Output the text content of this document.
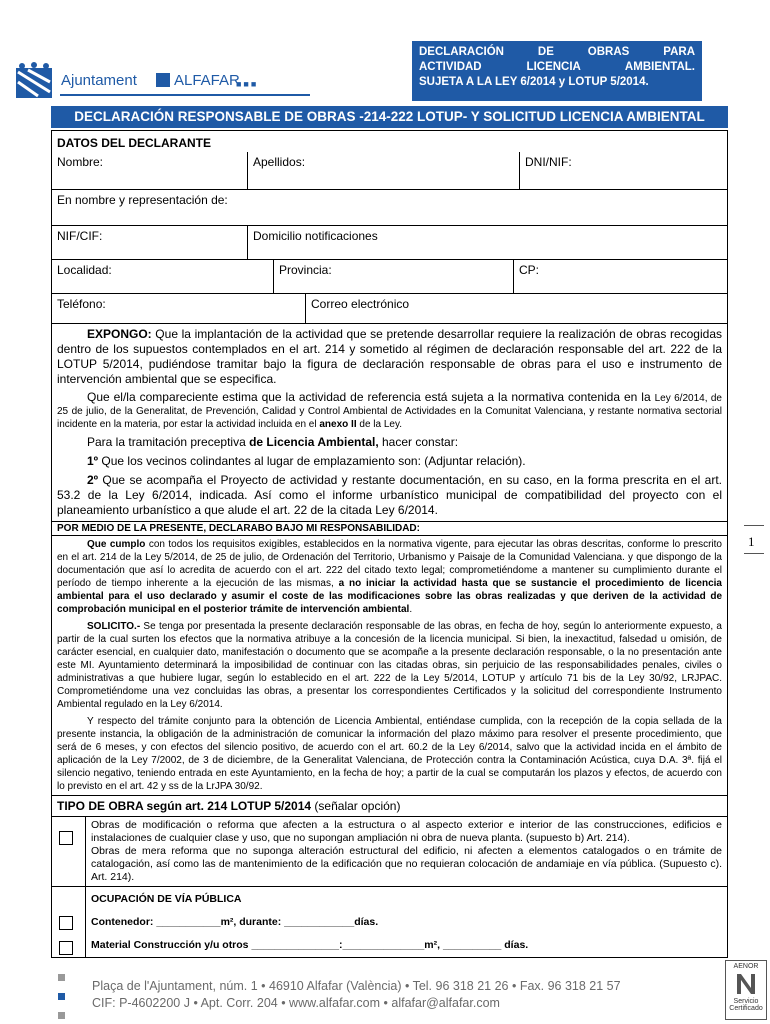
Ajuntament	ALFAFAR
■■■
DECLARACIÓN DE OBRAS PARA
ACTIVIDAD LICENCIA AMBIENTAL.
SUJETA A LA LEY 6/2014 y LOTUP 5/2014.
DECLARACIÓN RESPONSABLE DE OBRAS -214-222 LOTUP- Y SOLICITUD LICENCIA AMBIENTAL
DATOS DEL DECLARANTE
Nombre:	Apellidos:	DNI/NIF:
En nombre y representación de:
NIF/CIF:	Domicilio notificaciones
Localidad:	Provincia:	CP:
Teléfono:	Correo electrónico

EXPONGO: Que la implantación de la actividad que se pretende desarrollar requiere la realización de obras recogidas dentro de los supuestos contemplados en el art. 214 y sometido al régimen de declaración responsable del art. 222 de la LOTUP 5/2014, pudiéndose tramitar bajo la figura de declaración responsable de obras para el uso e instrumento de intervención ambiental que se especifica.

Que el/la compareciente estima que la actividad de referencia está sujeta a la normativa contenida en la Ley 6/2014, de 25 de julio, de la Generalitat, de Prevención, Calidad y Control Ambiental de Actividades en la Comunitat Valenciana, y restante normativa sectorial incidente en la materia, por estar la actividad incluida en el anexo II de la Ley.

Para la tramitación preceptiva de Licencia Ambiental, hacer constar:

1º Que los vecinos colindantes al lugar de emplazamiento son: (Adjuntar relación).

2º Que se acompaña el Proyecto de actividad y restante documentación, en su caso, en la forma prescrita en el art. 53.2 de la Ley 6/2014, indicada. Así como el informe urbanístico municipal de compatibilidad del proyecto con el planeamiento urbanístico a que alude el art. 22 de la citada Ley 6/2014.

POR MEDIO DE LA PRESENTE, DECLARABO BAJO MI RESPONSABILIDAD:

Que cumplo con todos los requisitos exigibles, establecidos en la normativa vigente, para ejecutar las obras descritas, conforme lo prescrito en el art. 214 de la Ley 5/2014, de 25 de julio, de Ordenación del Territorio, Urbanismo y Paisaje de la Comunidad Valenciana. y que dispongo de la documentación que así lo acredita de acuerdo con el art. 222 del citado texto legal; comprometiéndome a mantener su cumplimiento durante el período de tiempo inherente a la ejecución de las mismas, a no iniciar la actividad hasta que se sustancie el procedimiento de licencia ambiental para el uso declarado y asumir el coste de las modificaciones sobre las obras realizadas y que deriven de la actividad de comprobación municipal en el posterior trámite de intervención ambiental.

SOLICITO.- Se tenga por presentada la presente declaración responsable de las obras, en fecha de hoy, según lo anteriormente expuesto, a partir de la cual surten los efectos que la normativa atribuye a la concesión de la licencia municipal. Si bien, la inexactitud, falsedad u omisión, de carácter esencial, en cualquier dato, manifestación o documento que se acompañe a la presente declaración responsable, o la no presentación ante este MI. Ayuntamiento determinará la imposibilidad de continuar con las citadas obras, sin perjuicio de las responsabilidades penales, civiles o administrativas a que hubiere lugar, según lo establecido en el art. 222 de la Ley 5/2014, LOTUP y artículo 71 bis de la Ley 30/92, LRJPAC. Comprometiéndome una vez concluidas las obras, a presentar los correspondientes Certificados y la solicitud del correspondiente Instrumento Ambiental regulado en la Ley 6/2014.

Y respecto del trámite conjunto para la obtención de Licencia Ambiental, entiéndase cumplida, con la recepción de la copia sellada de la presente instancia, la obligación de la administración de comunicar la información del plazo máximo para resolver el presente procedimiento, que será de 6 meses, y con efectos del silencio positivo, de acuerdo con el art. 60.2 de la Ley 6/2014, salvo que la actividad incida en el ámbito de aplicación de la Ley 7/2002, de 3 de diciembre, de la Generalitat Valenciana, de Protección contra la Contaminación Acústica, cuya D.A. 3ª. fijá el silencio negativo, teniendo entrada en este Ayuntamiento, en la fecha de hoy; a partir de la cual se computarán los plazos y efectos, de acuerdo con lo previsto en el art. 42 y ss de la LrJPA 30/92.

TIPO DE OBRA según art. 214 LOTUP 5/2014 (señalar opción)

Obras de modificación o reforma que afecten a la estructura o al aspecto exterior e interior de las construcciones, edificios e instalaciones de cualquier clase y uso, que no supongan ampliación ni obra de nueva planta. (supuesto b) Art. 214).

Obras de mera reforma que no suponga alteración estructural del edificio, ni afecten a elementos catalogados o en trámite de catalogación, así como las de mantenimiento de la edificación que no requieran colocación de andamiaje en vía pública. (Supuesto c). Art. 214).

OCUPACIÓN DE VÍA PÚBLICA
Contenedor: ___________m², durante: ____________días.
Material Construcción y/u otros _______________:______________m², __________ días.
1
Plaça de l'Ajuntament, núm. 1 • 46910 Alfafar (València) • Tel. 96 318 21 26 • Fax. 96 318 21 57
CIF: P-4602200 J • Apt. Corr. 204 • www.alfafar.com • alfafar@alfafar.com
AENOR
Servicio Certificado
